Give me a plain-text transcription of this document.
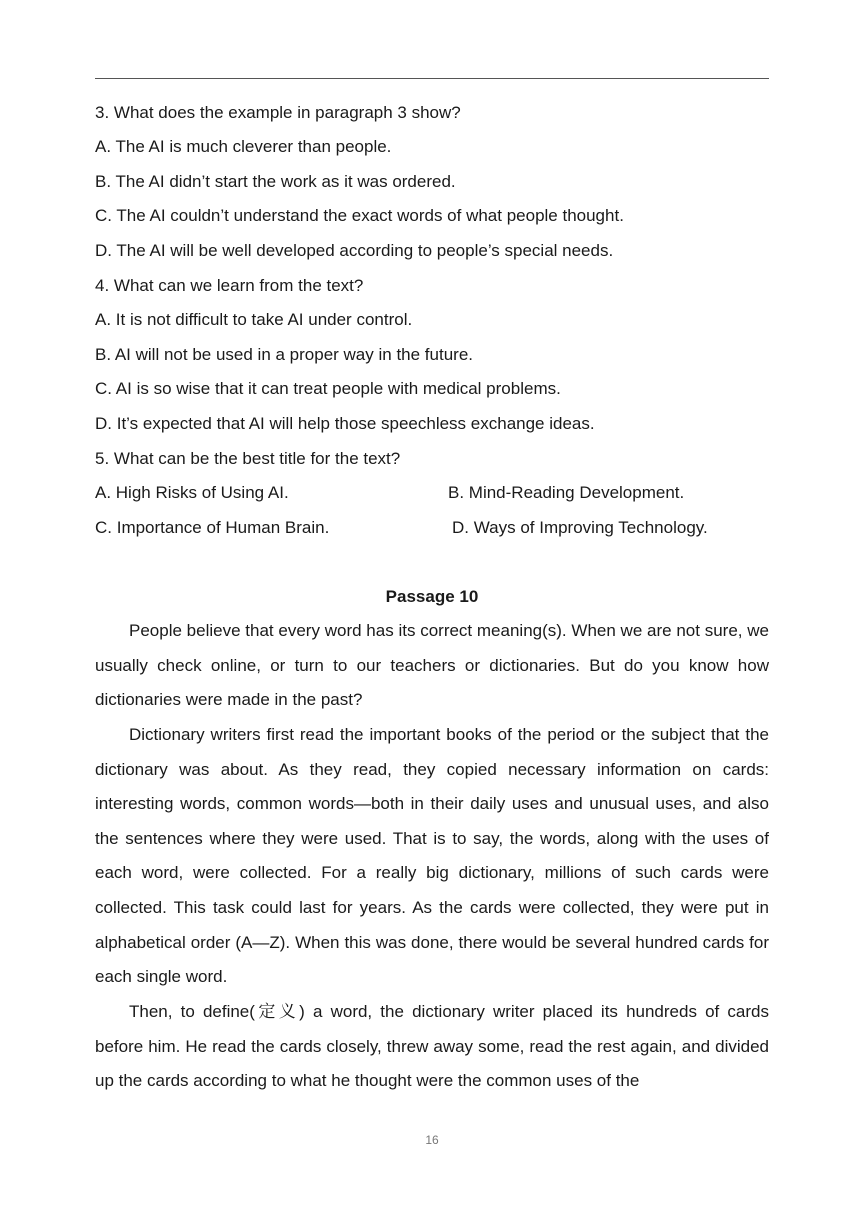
3. What does the example in paragraph 3 show?
A. The AI is much cleverer than people.
B. The AI didn’t start the work as it was ordered.
C. The AI couldn’t understand the exact words of what people thought.
D. The AI will be well developed according to people’s special needs.
4. What can we learn from the text?
A. It is not difficult to take AI under control.
B. AI will not be used in a proper way in the future.
C. AI is so wise that it can treat people with medical problems.
D. It’s expected that AI will help those speechless exchange ideas.
5. What can be the best title for the text?
A. High Risks of Using AI.	B. Mind-Reading Development.
C. Importance of Human Brain.	D. Ways of Improving Technology.
Passage 10

People believe that every word has its correct meaning(s). When we are not sure, we usually check online, or turn to our teachers or dictionaries. But do you know how dictionaries were made in the past?

Dictionary writers first read the important books of the period or the subject that the dictionary was about. As they read, they copied necessary information on cards: interesting words, common words—both in their daily uses and unusual uses, and also the sentences where they were used. That is to say, the words, along with the uses of each word, were collected. For a really big dictionary, millions of such cards were collected. This task could last for years. As the cards were collected, they were put in alphabetical order (A—Z). When this was done, there would be several hundred cards for each single word.

Then, to define(定义) a word, the dictionary writer placed its hundreds of cards before him. He read the cards closely, threw away some, read the rest again, and divided up the cards according to what he thought were the common uses of the

16
